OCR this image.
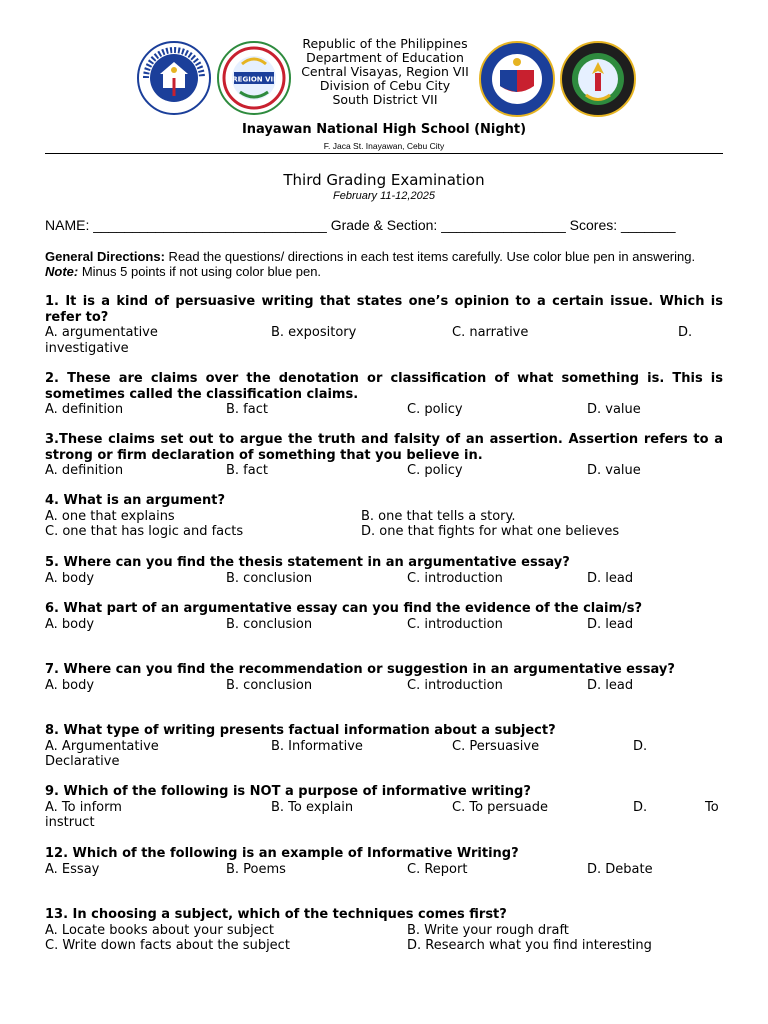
REGION VII
Republic of the Philippines
Department of Education
Central Visayas, Region VII
Division of Cebu City
South District VII
Inayawan National High School (Night)
F. Jaca St. Inayawan, Cebu City
Third Grading Examination
February 11-12,2025
NAME: ______________________________ Grade & Section: ________________ Scores: _______
General Directions: Read the questions/ directions in each test items carefully. Use color blue pen in answering. Note: Minus 5 points if not using color blue pen.
1. It is a kind of persuasive writing that states one’s opinion to a certain issue. Which is refer to?
A. argumentative	B. expository	C. narrative	D.
investigative
2. These are claims over the denotation or classification of what something is. This is sometimes called the classification claims.
A. definition	B. fact	C. policy	D. value
3.These claims set out to argue the truth and falsity of an assertion. Assertion refers to a strong or firm declaration of something that you believe in.
A. definition	B. fact	C. policy	D. value
4. What is an argument?
A. one that explains	B. one that tells a story.
C. one that has logic and facts	D. one that fights for what one believes
5. Where can you find the thesis statement in an argumentative essay?
A. body	B. conclusion	C. introduction	D. lead
6. What part of an argumentative essay can you find the evidence of the claim/s?
A. body	B. conclusion	C. introduction	D. lead
7. Where can you find the recommendation or suggestion in an argumentative essay?
A. body	B. conclusion	C. introduction	D. lead
8. What type of writing presents factual information about a subject?
A. Argumentative	B. Informative	C. Persuasive	D.
Declarative
9. Which of the following is NOT a purpose of informative writing?
A. To inform	B. To explain	C. To persuade	D.	To
instruct
12. Which of the following is an example of Informative Writing?
A. Essay	B. Poems	C. Report	D. Debate
13. In choosing a subject, which of the techniques comes first?
A. Locate books about your subject	B. Write your rough draft
C. Write down facts about the subject	D. Research what you find interesting
